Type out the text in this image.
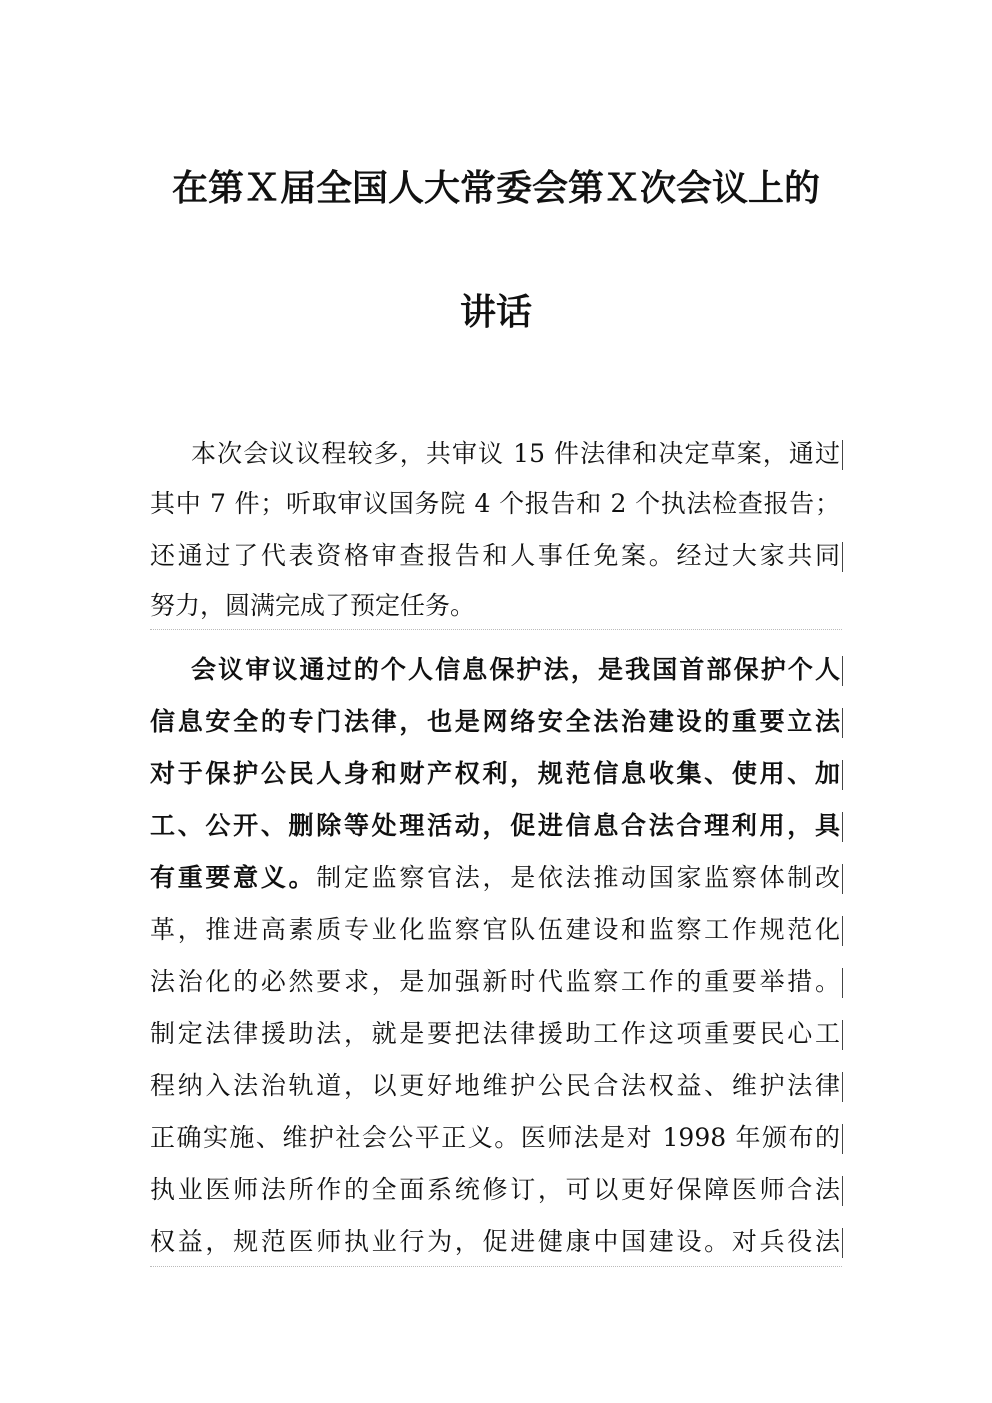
在第Ｘ届全国人大常委会第Ｘ次会议上的
讲话

本次会议议程较多，共审议 15 件法律和决定草案，通过

其中 7 件；听取审议国务院 4 个报告和 2 个执法检查报告；

还通过了代表资格审查报告和人事任免案。经过大家共同

努力，圆满完成了预定任务。

会议审议通过的个人信息保护法，是我国首部保护个人

信息安全的专门法律，也是网络安全法治建设的重要立法

对于保护公民人身和财产权利，规范信息收集、使用、加

工、公开、删除等处理活动，促进信息合法合理利用，具

有重要意义。制定监察官法，是依法推动国家监察体制改

革，推进高素质专业化监察官队伍建设和监察工作规范化

法治化的必然要求，是加强新时代监察工作的重要举措。

制定法律援助法，就是要把法律援助工作这项重要民心工

程纳入法治轨道，以更好地维护公民合法权益、维护法律

正确实施、维护社会公平正义。医师法是对 1998 年颁布的

执业医师法所作的全面系统修订，可以更好保障医师合法

权益，规范医师执业行为，促进健康中国建设。对兵役法
